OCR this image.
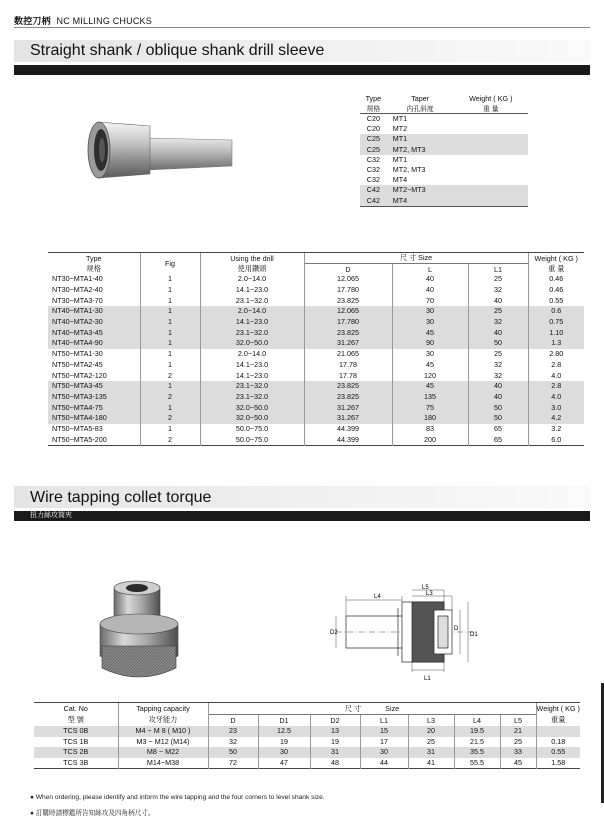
数控刀柄 NC MILLING CHUCKS
Straight shank / oblique shank drill sleeve
Type	Taper	Weight ( KG )
规格	内孔斜度	重 量
C20	MT1	
C20	MT2	
C25	MT1	
C25	MT2, MT3	
C32	MT1	
C32	MT2, MT3	
C32	MT4	
C42	MT2~MT3	
C42	MT4	
Type	Fig	Using the drill	尺 寸 Size			Weight ( KG )
规格		使用鑽頭	D	L	L1	重 量
NT30~MTA1-40	1	2.0~14.0	12.065	40	25	0.46
NT30~MTA2-40	1	14.1~23.0	17.780	40	32	0.46
NT30~MTA3-70	1	23.1~32.0	23.825	70	40	0.55
NT40~MTA1-30	1	2.0~14.0	12.065	30	25	0.6
NT40~MTA2-30	1	14.1~23.0	17.780	30	32	0.75
NT40~MTA3-45	1	23.1~32.0	23.825	45	40	1.10
NT40~MTA4-90	1	32.0~50.0	31.267	90	50	1.3
NT50~MTA1-30	1	2.0~14.0	21.065	30	25	2.80
NT50~MTA2-45	1	14.1~23.0	17.78	45	32	2.8
NT50~MTA2-120	2	14.1~23.0	17.78	120	32	4.0
NT50~MTA3-45	1	23.1~32.0	23.825	45	40	2.8
NT50~MTA3-135	2	23.1~32.0	23.825	135	40	4.0
NT50~MTA4-75	1	32.0~50.0	31.267	75	50	3.0
NT50~MTA4-180	2	32.0~50.0	31.267	180	50	4.2
NT50~MTA5-83	1	50.0~75.0	44.399	83	65	3.2
NT50~MTA5-200	2	50.0~75.0	44.399	200	65	6.0
Wire tapping collet torque
扭力絲攻筒夾
L5
L4	L3
L1
D2
D
D1
Cat. No	Tapping capacity	尺 寸 Size							Weight ( KG )
型 號	攻牙能力	D	D1	D2	L1	L3	L4	L5	重量
TCS 0B	M4 ~ M 8 ( M10 )	23	12.5	13	15	20	19.5	21	
TCS 1B	M3 ~ M12 (M14)	32	19	19	17	25	21.5	25	0.18
TCS 2B	M8 ~ M22	50	30	31	30	31	35.5	33	0.55
TCS 3B	M14~M38	72	47	48	44	41	55.5	45	1.58
● When ordering, please identify and inform the wire tapping and the four corners to level shank size.
● 訂購時請標鑑所告知絲攻及四角柄尺寸。
